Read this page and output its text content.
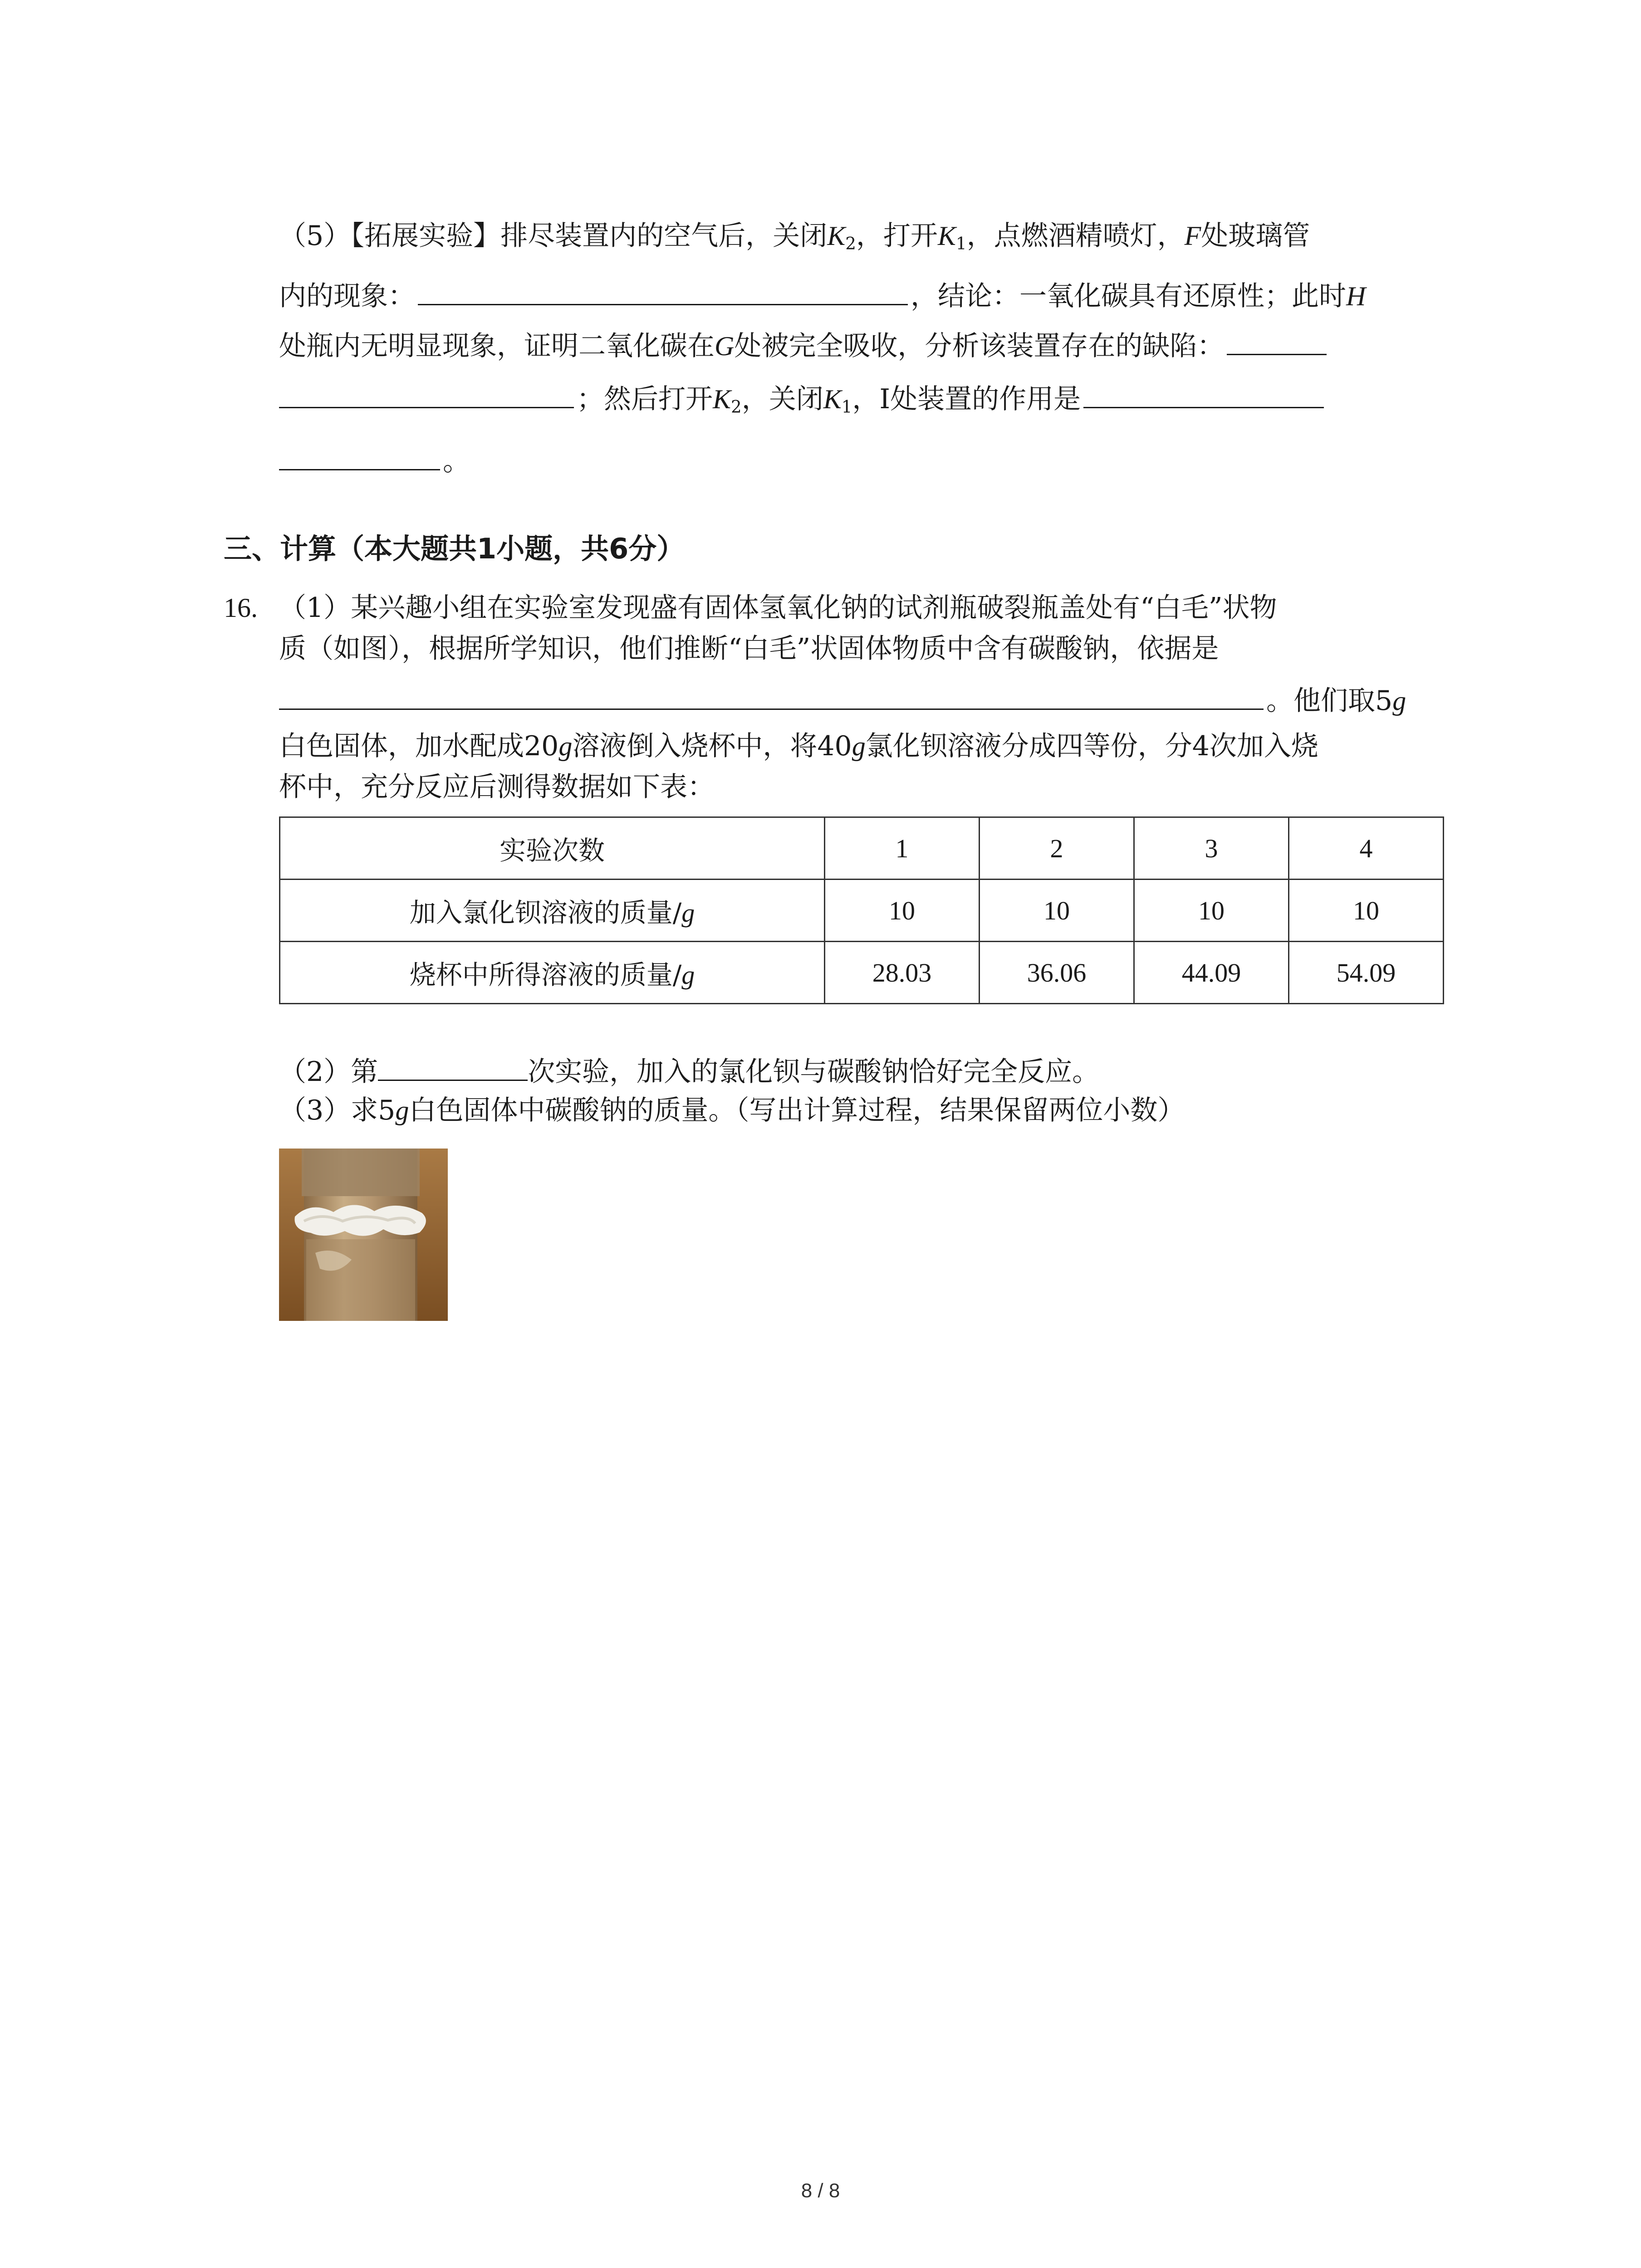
（5）【拓展实验】排尽装置内的空气后，关闭$K_2$，打开$K_1$，点燃酒精喷灯，F处玻璃管
内的现象：	，结论：一氧化碳具有还原性；此时H
处瓶内无明显现象，证明二氧化碳在G处被完全吸收，分析该装置存在的缺陷：
；然后打开$K_2$，关闭$K_1$，Ⅰ处装置的作用是
。
三、计算（本大题共1小题，共6分）
16. （1）某兴趣小组在实验室发现盛有固体氢氧化钠的试剂瓶破裂瓶盖处有“白毛”状物
质（如图），根据所学知识，他们推断“白毛”状固体物质中含有碳酸钠，依据是
。他们取5g
白色固体，加水配成20g溶液倒入烧杯中，将40g氯化钡溶液分成四等份，分4次加入烧
杯中，充分反应后测得数据如下表：
实验次数	1	2	3	4
加入氯化钡溶液的质量/g	10	10	10	10
烧杯中所得溶液的质量/g	28.03	36.06	44.09	54.09
（2）第	次实验，加入的氯化钡与碳酸钠恰好完全反应。
（3）求5g白色固体中碳酸钠的质量。（写出计算过程，结果保留两位小数）
8 / 8
